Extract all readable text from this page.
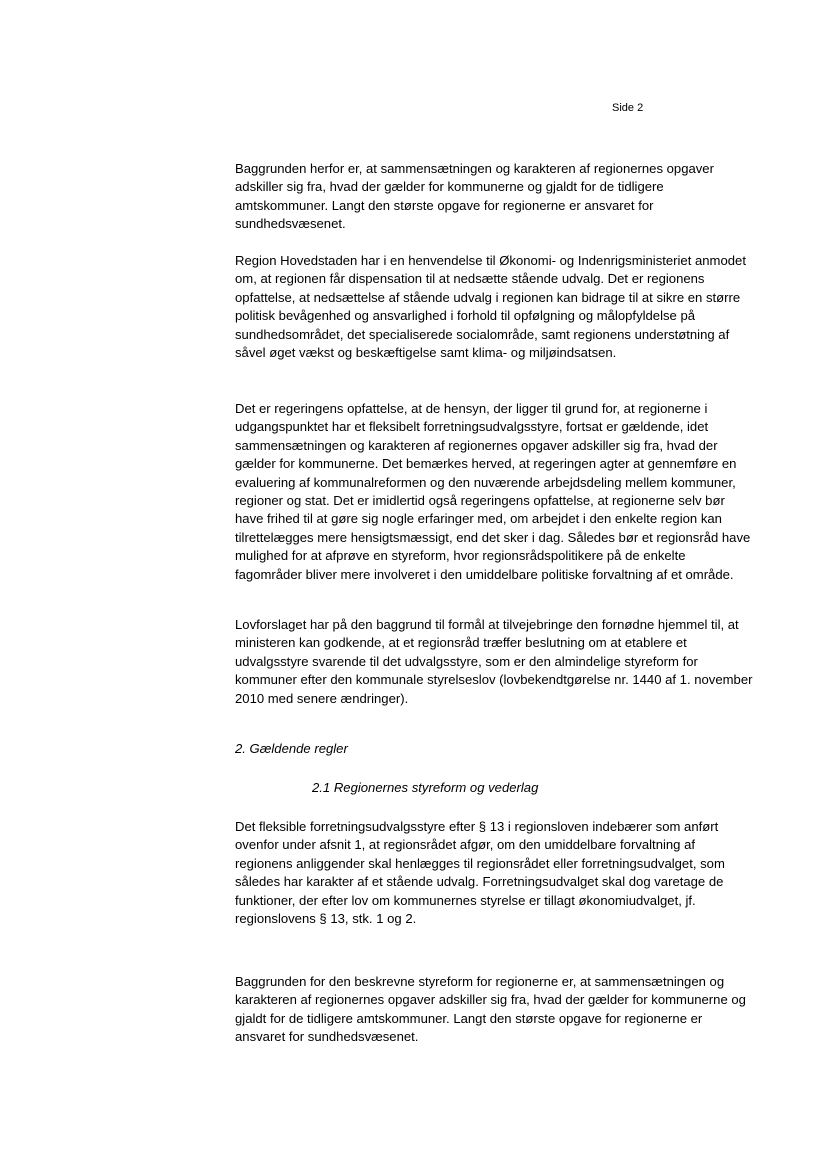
Side 2

Baggrunden herfor er, at sammensætningen og karakteren af regionernes opgaver adskiller sig fra, hvad der gælder for kommunerne og gjaldt for de tidligere amtskommuner. Langt den største opgave for regionerne er ansvaret for sundhedsvæsenet.

Region Hovedstaden har i en henvendelse til Økonomi- og Indenrigsministeriet anmodet om, at regionen får dispensation til at nedsætte stående udvalg. Det er regionens opfattelse, at nedsættelse af stående udvalg i regionen kan bidrage til at sikre en større politisk bevågenhed og ansvarlighed i forhold til opfølgning og målopfyldelse på sundhedsområdet, det specialiserede socialområde, samt regionens understøtning af såvel øget vækst og beskæftigelse samt klima- og miljøindsatsen.

Det er regeringens opfattelse, at de hensyn, der ligger til grund for, at regionerne i udgangspunktet har et fleksibelt forretningsudvalgsstyre, fortsat er gældende, idet sammensætningen og karakteren af regionernes opgaver adskiller sig fra, hvad der gælder for kommunerne. Det bemærkes herved, at regeringen agter at gennemføre en evaluering af kommunalreformen og den nuværende arbejdsdeling mellem kommuner, regioner og stat. Det er imidlertid også regeringens opfattelse, at regionerne selv bør have frihed til at gøre sig nogle erfaringer med, om arbejdet i den enkelte region kan tilrettelægges mere hensigtsmæssigt, end det sker i dag. Således bør et regionsråd have mulighed for at afprøve en styreform, hvor regionsrådspolitikere på de enkelte fagområder bliver mere involveret i den umiddelbare politiske forvaltning af et område.

Lovforslaget har på den baggrund til formål at tilvejebringe den fornødne hjemmel til, at ministeren kan godkende, at et regionsråd træffer beslutning om at etablere et udvalgsstyre svarende til det udvalgsstyre, som er den almindelige styreform for kommuner efter den kommunale styrelseslov (lovbekendtgørelse nr. 1440 af 1. november 2010 med senere ændringer).

2. Gældende regler

2.1 Regionernes styreform og vederlag

Det fleksible forretningsudvalgsstyre efter § 13 i regionsloven indebærer som anført ovenfor under afsnit 1, at regionsrådet afgør, om den umiddelbare forvaltning af regionens anliggender skal henlægges til regionsrådet eller forretningsudvalget, som således har karakter af et stående udvalg. Forretningsudvalget skal dog varetage de funktioner, der efter lov om kommunernes styrelse er tillagt økonomiudvalget, jf. regionslovens § 13, stk. 1 og 2.

Baggrunden for den beskrevne styreform for regionerne er, at sammensætningen og karakteren af regionernes opgaver adskiller sig fra, hvad der gælder for kommunerne og gjaldt for de tidligere amtskommuner. Langt den største opgave for regionerne er ansvaret for sundhedsvæsenet.
